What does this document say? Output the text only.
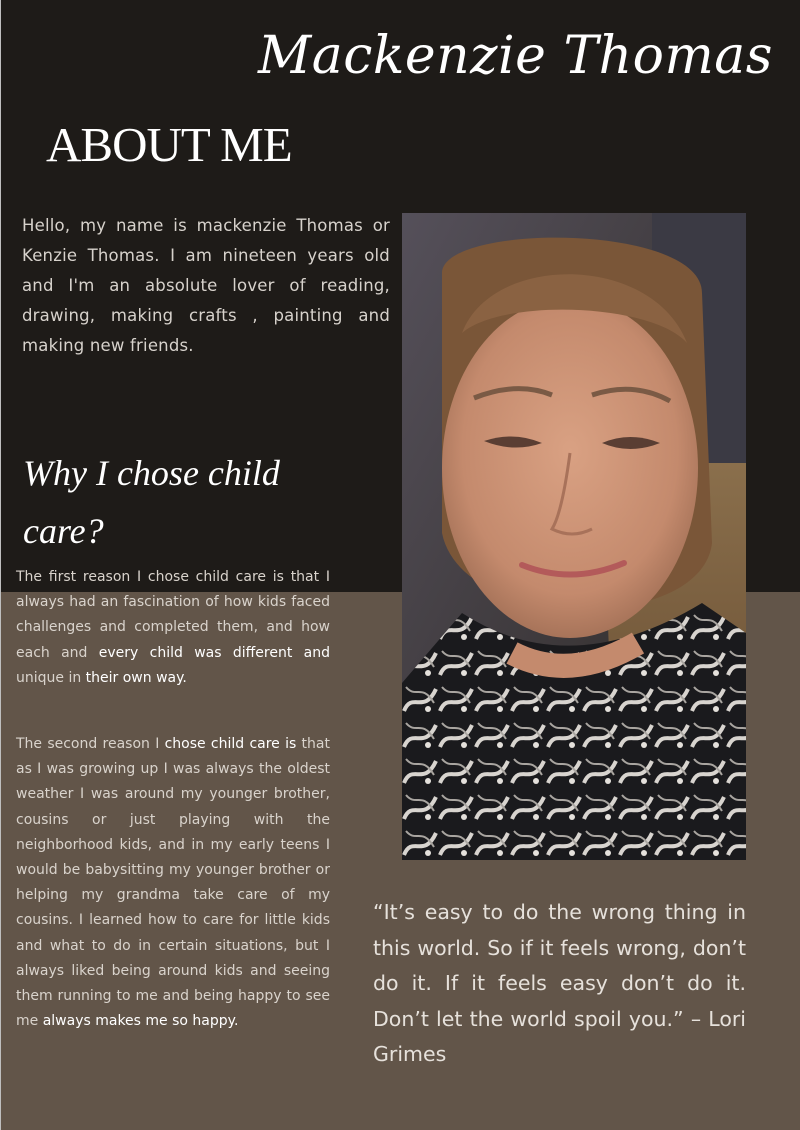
Mackenzie Thomas
ABOUT ME

Hello, my name is mackenzie Thomas or Kenzie Thomas. I am nineteen years old and I'm an absolute lover of reading, drawing, making crafts , painting and making new friends.

Why I chose child care?

The first reason I chose child care is that I always had an fascination of how kids faced challenges and completed them, and how each and every child was different and unique in their own way.

The second reason I chose child care is that as I was growing up I was always the oldest weather I was around my younger brother, cousins or just playing with the neighborhood kids, and in my early teens I would be babysitting my younger brother or helping my grandma take care of my cousins. I learned how to care for little kids and what to do in certain situations, but I always liked being around kids and seeing them running to me and being happy to see me always makes me so happy.

“It’s easy to do the wrong thing in this world. So if it feels wrong, don’t do it. If it feels easy don’t do it. Don’t let the world spoil you.” – Lori Grimes
